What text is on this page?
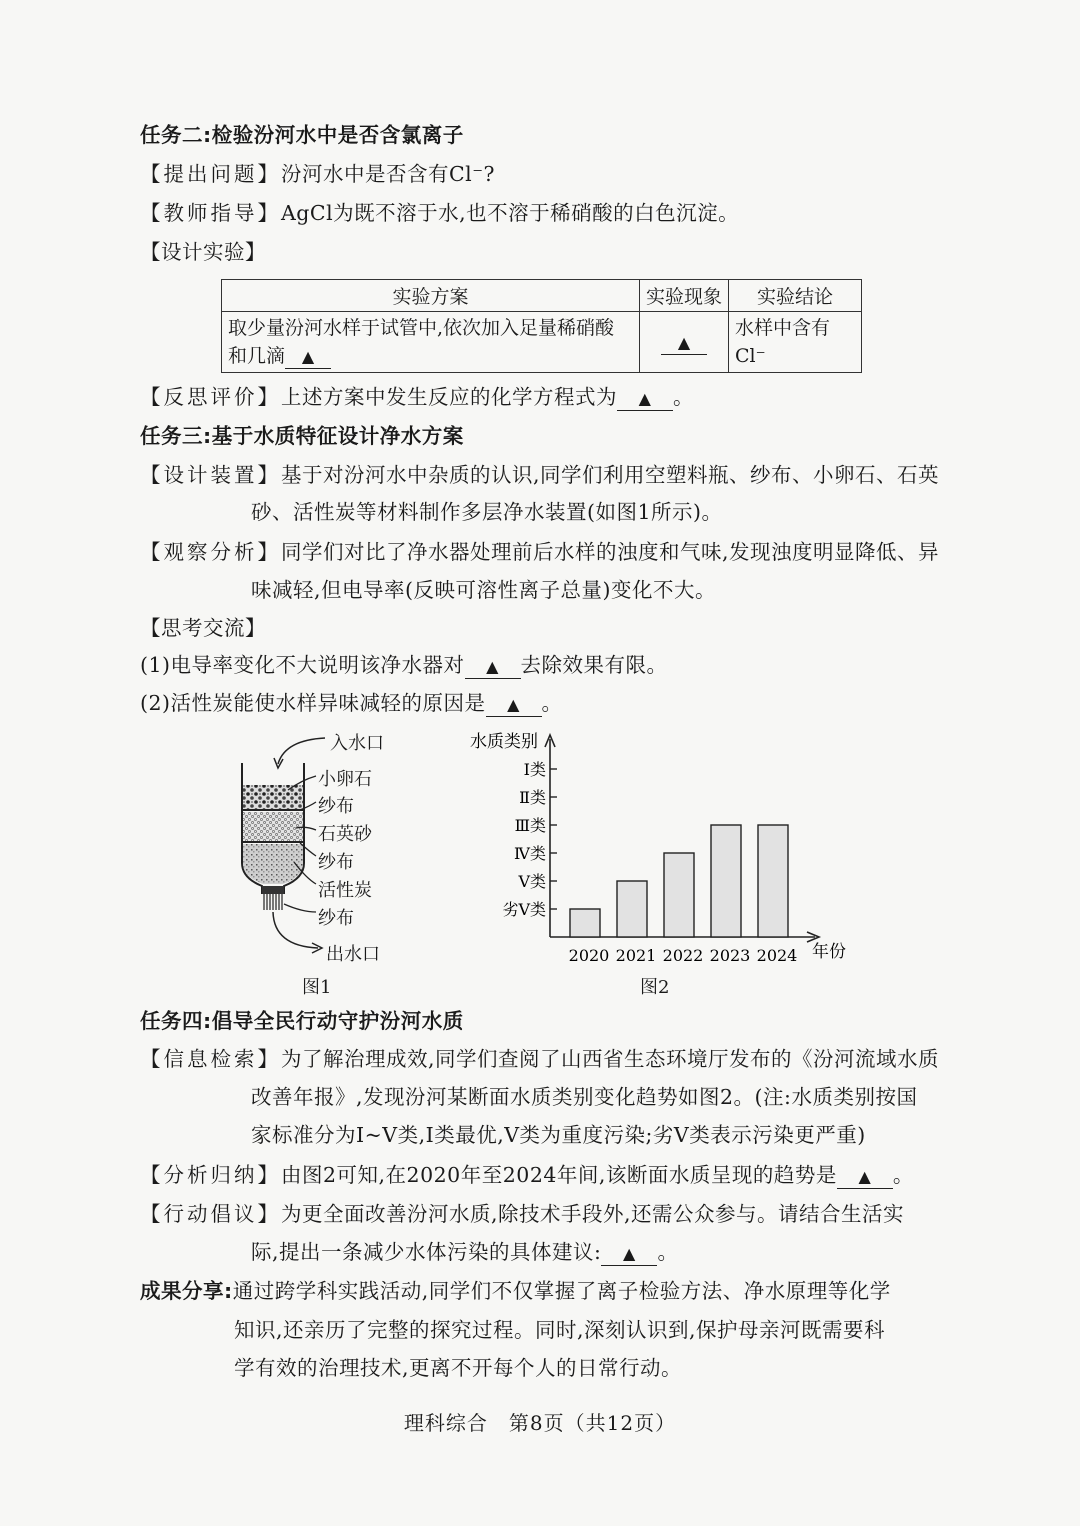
任务二:检验汾河水中是否含氯离子
【提出问题】汾河水中是否含有Cl⁻?
【教师指导】AgCl为既不溶于水,也不溶于稀硝酸的白色沉淀。
【设计实验】
实验方案	实验现象	实验结论

取少量汾河水样于试管中,依次加入足量稀硝酸
和几滴 ▲	▲	水样中含有Cl⁻
【反思评价】上述方案中发生反应的化学方程式为 ▲ 。
任务三:基于水质特征设计净水方案
【设计装置】基于对汾河水中杂质的认识,同学们利用空塑料瓶、纱布、小卵石、石英
砂、活性炭等材料制作多层净水装置(如图1所示)。
【观察分析】同学们对比了净水器处理前后水样的浊度和气味,发现浊度明显降低、异
味减轻,但电导率(反映可溶性离子总量)变化不大。
【思考交流】
(1)电导率变化不大说明该净水器对 ▲ 去除效果有限。
(2)活性炭能使水样异味减轻的原因是 ▲ 。
入水口
小卵石
纱布
石英砂
纱布
活性炭
纱布
出水口
图1
水质类别
年份
劣Ⅴ类
Ⅴ类
Ⅳ类
Ⅲ类
Ⅱ类
Ⅰ类
2020 2021 2022 2023 2024
图2
任务四:倡导全民行动守护汾河水质
【信息检索】为了解治理成效,同学们查阅了山西省生态环境厅发布的《汾河流域水质
改善年报》,发现汾河某断面水质类别变化趋势如图2。(注:水质类别按国
家标准分为Ⅰ~Ⅴ类,Ⅰ类最优,Ⅴ类为重度污染;劣Ⅴ类表示污染更严重)
【分析归纳】由图2可知,在2020年至2024年间,该断面水质呈现的趋势是 ▲ 。
【行动倡议】为更全面改善汾河水质,除技术手段外,还需公众参与。请结合生活实
际,提出一条减少水体污染的具体建议: ▲ 。
成果分享:通过跨学科实践活动,同学们不仅掌握了离子检验方法、净水原理等化学
知识,还亲历了完整的探究过程。同时,深刻认识到,保护母亲河既需要科
学有效的治理技术,更离不开每个人的日常行动。
理科综合　第8页（共12页）
